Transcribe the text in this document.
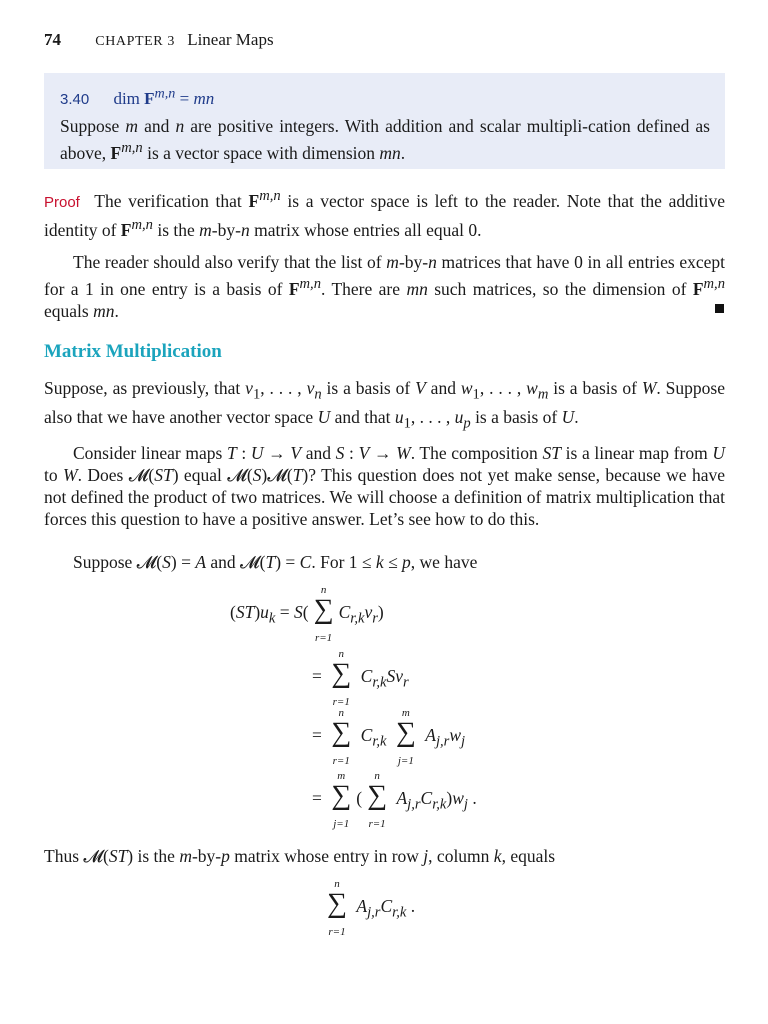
74 CHAPTER 3 Linear Maps
3.40 dim F$^{m,n}$ = mn
Suppose m and n are positive integers. With addition and scalar multipli-cation defined as above, F$^{m,n}$ is a vector space with dimension mn.
Proof The verification that F$^{m,n}$ is a vector space is left to the reader. Note that the additive identity of F$^{m,n}$ is the m-by-n matrix whose entries all equal 0.
The reader should also verify that the list of m-by-n matrices that have 0 in all entries except for a 1 in one entry is a basis of F$^{m,n}$. There are mn such matrices, so the dimension of F$^{m,n}$ equals mn.
Matrix Multiplication
Suppose, as previously, that $v_1$, . . . , $v_n$ is a basis of V and $w_1$, . . . , $w_m$ is a basis of W. Suppose also that we have another vector space U and that $u_1$, . . . , $u_p$ is a basis of U.
Consider linear maps T : U → V and S : V → W. The composition ST is a linear map from U to W. Does 𝓜(ST) equal 𝓜(S)𝓜(T)? This question does not yet make sense, because we have not defined the product of two matrices. We will choose a definition of matrix multiplication that forces this question to have a positive answer. Let’s see how to do this.
Suppose 𝓜(S) = A and 𝓜(T) = C. For 1 ≤ k ≤ p, we have
$(ST)u_k = S$(
n
∑
r=1
$C_{r,k}v_r$)
=
n
∑
r=1
$C_{r,k}Sv_r$
=
n
∑
r=1
$C_{r,k}$
m
∑
j=1
$A_{j,r}w_j$
=
m
∑
j=1
(
n
∑
r=1
$A_{j,r}C_{r,k})w_j$ .
Thus 𝓜(ST) is the m-by-p matrix whose entry in row j, column k, equals
n
∑
r=1
$A_{j,r}C_{r,k}$ .
